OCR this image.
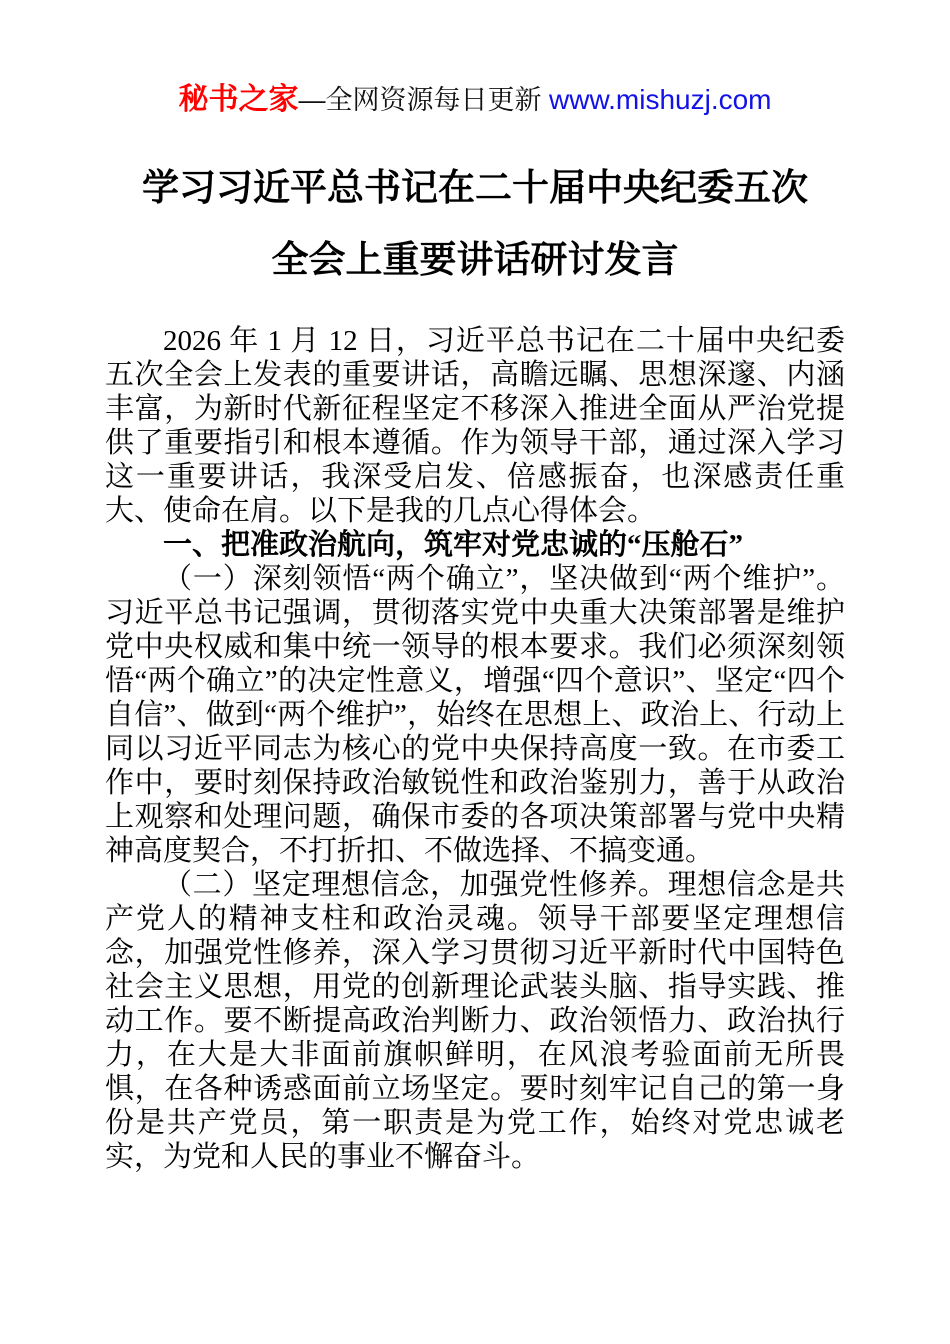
秘书之家—全网资源每日更新 www.mishuzj.com
学习习近平总书记在二十届中央纪委五次
全会上重要讲话研讨发言

2026 年 1 月 12 日，习近平总书记在二十届中央纪委五次全会上发表的重要讲话，高瞻远瞩、思想深邃、内涵丰富，为新时代新征程坚定不移深入推进全面从严治党提供了重要指引和根本遵循。作为领导干部，通过深入学习这一重要讲话，我深受启发、倍感振奋，也深感责任重大、使命在肩。以下是我的几点心得体会。

一、把准政治航向，筑牢对党忠诚的“压舱石”

（一）深刻领悟“两个确立”，坚决做到“两个维护”。习近平总书记强调，贯彻落实党中央重大决策部署是维护党中央权威和集中统一领导的根本要求。我们必须深刻领悟“两个确立”的决定性意义，增强“四个意识”、坚定“四个自信”、做到“两个维护”，始终在思想上、政治上、行动上同以习近平同志为核心的党中央保持高度一致。在市委工作中，要时刻保持政治敏锐性和政治鉴别力，善于从政治上观察和处理问题，确保市委的各项决策部署与党中央精神高度契合，不打折扣、不做选择、不搞变通。

（二）坚定理想信念，加强党性修养。理想信念是共产党人的精神支柱和政治灵魂。领导干部要坚定理想信念，加强党性修养，深入学习贯彻习近平新时代中国特色社会主义思想，用党的创新理论武装头脑、指导实践、推动工作。要不断提高政治判断力、政治领悟力、政治执行力，在大是大非面前旗帜鲜明，在风浪考验面前无所畏惧，在各种诱惑面前立场坚定。要时刻牢记自己的第一身份是共产党员，第一职责是为党工作，始终对党忠诚老实，为党和人民的事业不懈奋斗。
